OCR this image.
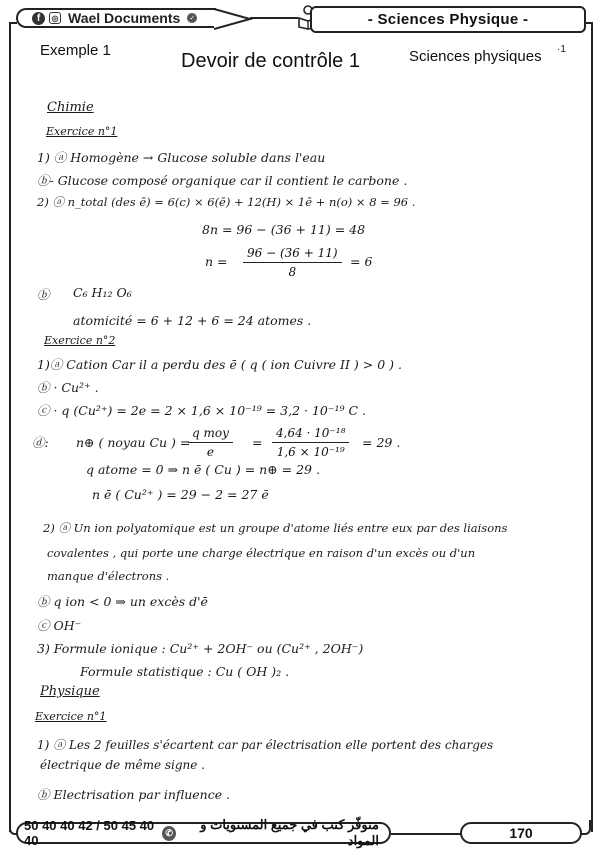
f	◎ Wael Documents ✓	- Sciences Physique -
Exemple 1	Devoir de contrôle 1	Sciences physiques ·1
Chimie
Exercice n°1
1) ⓐ Homogène → Glucose soluble dans l'eau
ⓑ- Glucose composé organique car il contient le carbone .
2) ⓐ n_total (des ē) = 6(c) × 6(ē) + 12(H) × 1ē + n(o) × 8 = 96 .
8n = 96 − (36 + 11) = 48
$n = \frac{96 - (36 + 11)}{8} = 6$
ⓑ C₆ H₁₂ O₆
atomicité = 6 + 12 + 6 = 24 atomes .
Exercice n°2
1)ⓐ Cation Car il a perdu des ē ( q ( ion Cuivre II ) > 0 ) .
ⓑ · Cu²⁺ .
ⓒ · q (Cu²⁺) = 2e = 2 × 1,6 × 10⁻¹⁹ = 3,2 · 10⁻¹⁹ C .
ⓓ: n⊕ ( noyau Cu ) =
q moy
e
= $\frac{\text{4,64 · 10⁻¹⁸}}{\text{1,6 × 10⁻¹⁹}} = 29$ .
q atome = 0 ⇒ n ē ( Cu ) = n⊕ = 29 .
n ē ( Cu²⁺ ) = 29 − 2 = 27 ē
2) ⓐ Un ion polyatomique est un groupe d'atome liés entre eux par des liaisons
covalentes , qui porte une charge électrique en raison d'un excès ou d'un
manque d'électrons .
ⓑ q ion < 0 ⇒ un excès d'ē
ⓒ OH⁻
3) Formule ionique : Cu²⁺ + 2OH⁻ ou (Cu²⁺ , 2OH⁻)
Formule statistique : Cu ( OH )₂ .
Physique
Exercice n°1
1) ⓐ Les 2 feuilles s'écartent car par électrisation elle portent des charges
électrique de même signe .
ⓑ Electrisation par influence .
50 40 40 42 / 50 45 40 40
متوفّر كتب في جميع المستويات و المواد
✆	170
